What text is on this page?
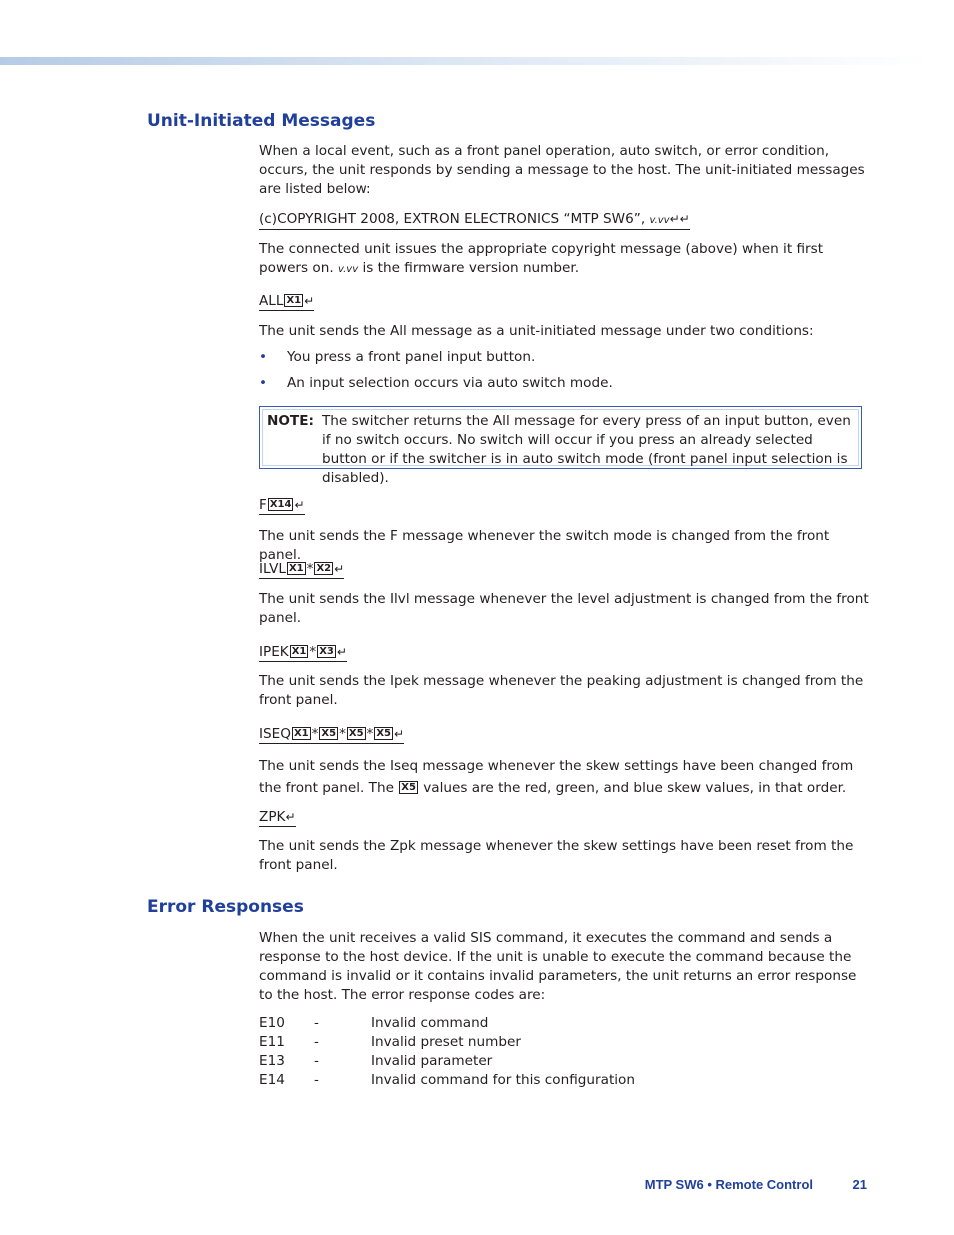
Unit-Initiated Messages

When a local event, such as a front panel operation, auto switch, or error condition, occurs, the unit responds by sending a message to the host. The unit-initiated messages are listed below:

(c)COPYRIGHT 2008, EXTRON ELECTRONICS “MTP SW6”, v.vv↵↵

The connected unit issues the appropriate copyright message (above) when it first powers on. v.vv is the firmware version number.

ALL X1 ↵

The unit sends the All message as a unit-initiated message under two conditions:

• You press a front panel input button.
• An input selection occurs via auto switch mode.
NOTE: The switcher returns the All message for every press of an input button, even if no switch occurs. No switch will occur if you press an already selected button or if the switcher is in auto switch mode (front panel input selection is disabled).
F X14 ↵

The unit sends the F message whenever the switch mode is changed from the front panel.

ILVL X1 * X2 ↵

The unit sends the Ilvl message whenever the level adjustment is changed from the front panel.

IPEK X1 * X3 ↵

The unit sends the Ipek message whenever the peaking adjustment is changed from the front panel.

ISEQ X1 * X5 * X5 * X5 ↵

The unit sends the Iseq message whenever the skew settings have been changed from the front panel. The X5 values are the red, green, and blue skew values, in that order.

ZPK↵

The unit sends the Zpk message whenever the skew settings have been reset from the front panel.

Error Responses

When the unit receives a valid SIS command, it executes the command and sends a response to the host device. If the unit is unable to execute the command because the command is invalid or it contains invalid parameters, the unit returns an error response to the host. The error response codes are:

E10 -	Invalid command
E11 -	Invalid preset number
E13 -	Invalid parameter
E14 -	Invalid command for this configuration
MTP SW6 • Remote Control	21
